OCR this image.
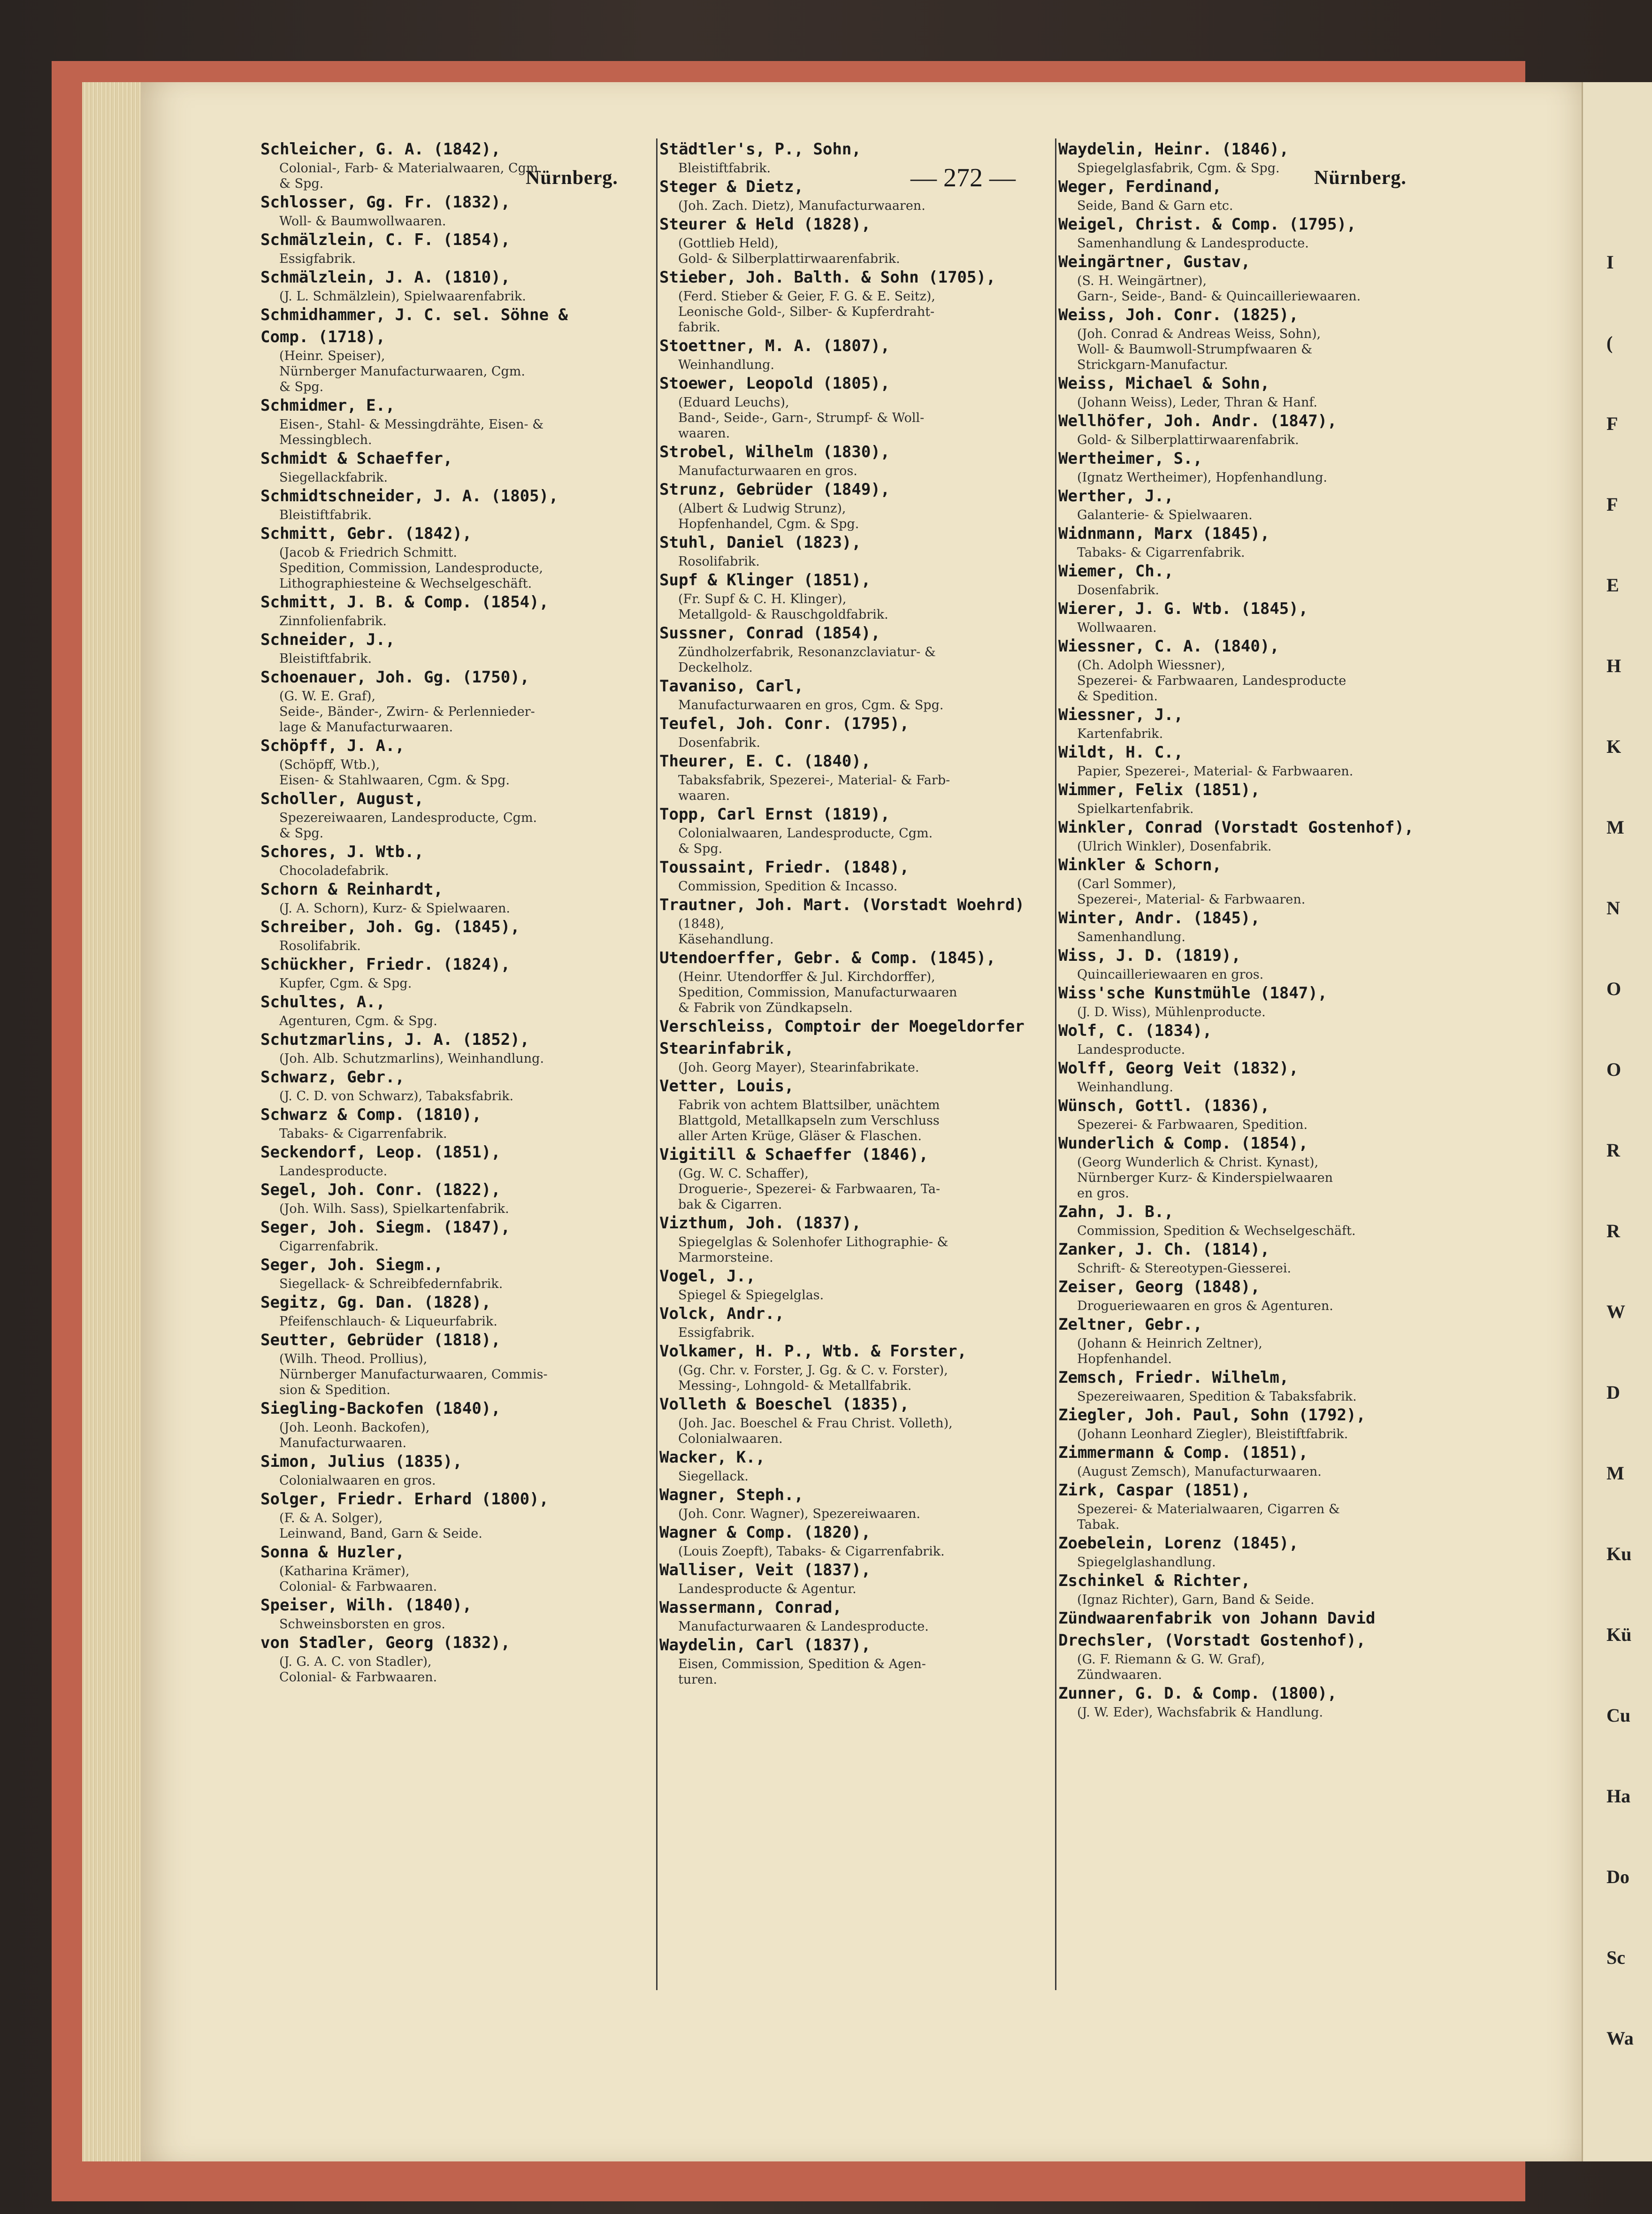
Nürnberg.	— 272 —	Nürnberg.
Schleicher, G. A. (1842),
Colonial-, Farb- & Materialwaaren, Cgm.
& Spg.
Schlosser, Gg. Fr. (1832),
Woll- & Baumwollwaaren.
Schmälzlein, C. F. (1854),
Essigfabrik.
Schmälzlein, J. A. (1810),
(J. L. Schmälzlein), Spielwaarenfabrik.
Schmidhammer, J. C. sel. Söhne &
Comp. (1718),
(Heinr. Speiser),
Nürnberger Manufacturwaaren, Cgm.
& Spg.
Schmidmer, E.,
Eisen-, Stahl- & Messingdrähte, Eisen- &
Messingblech.
Schmidt & Schaeffer,
Siegellackfabrik.
Schmidtschneider, J. A. (1805),
Bleistiftfabrik.
Schmitt, Gebr. (1842),
(Jacob & Friedrich Schmitt.
Spedition, Commission, Landesproducte,
Lithographiesteine & Wechselgeschäft.
Schmitt, J. B. & Comp. (1854),
Zinnfolienfabrik.
Schneider, J.,
Bleistiftfabrik.
Schoenauer, Joh. Gg. (1750),
(G. W. E. Graf),
Seide-, Bänder-, Zwirn- & Perlennieder-
lage & Manufacturwaaren.
Schöpff, J. A.,
(Schöpff, Wtb.),
Eisen- & Stahlwaaren, Cgm. & Spg.
Scholler, August,
Spezereiwaaren, Landesproducte, Cgm.
& Spg.
Schores, J. Wtb.,
Chocoladefabrik.
Schorn & Reinhardt,
(J. A. Schorn), Kurz- & Spielwaaren.
Schreiber, Joh. Gg. (1845),
Rosolifabrik.
Schückher, Friedr. (1824),
Kupfer, Cgm. & Spg.
Schultes, A.,
Agenturen, Cgm. & Spg.
Schutzmarlins, J. A. (1852),
(Joh. Alb. Schutzmarlins), Weinhandlung.
Schwarz, Gebr.,
(J. C. D. von Schwarz), Tabaksfabrik.
Schwarz & Comp. (1810),
Tabaks- & Cigarrenfabrik.
Seckendorf, Leop. (1851),
Landesproducte.
Segel, Joh. Conr. (1822),
(Joh. Wilh. Sass), Spielkartenfabrik.
Seger, Joh. Siegm. (1847),
Cigarrenfabrik.
Seger, Joh. Siegm.,
Siegellack- & Schreibfedernfabrik.
Segitz, Gg. Dan. (1828),
Pfeifenschlauch- & Liqueurfabrik.
Seutter, Gebrüder (1818),
(Wilh. Theod. Prollius),
Nürnberger Manufacturwaaren, Commis-
sion & Spedition.
Siegling-Backofen (1840),
(Joh. Leonh. Backofen),
Manufacturwaaren.
Simon, Julius (1835),
Colonialwaaren en gros.
Solger, Friedr. Erhard (1800),
(F. & A. Solger),
Leinwand, Band, Garn & Seide.
Sonna & Huzler,
(Katharina Krämer),
Colonial- & Farbwaaren.
Speiser, Wilh. (1840),
Schweinsborsten en gros.
von Stadler, Georg (1832),
(J. G. A. C. von Stadler),
Colonial- & Farbwaaren.
Städtler's, P., Sohn,
Bleistiftfabrik.
Steger & Dietz,
(Joh. Zach. Dietz), Manufacturwaaren.
Steurer & Held (1828),
(Gottlieb Held),
Gold- & Silberplattirwaarenfabrik.
Stieber, Joh. Balth. & Sohn (1705),
(Ferd. Stieber & Geier, F. G. & E. Seitz),
Leonische Gold-, Silber- & Kupferdraht-
fabrik.
Stoettner, M. A. (1807),
Weinhandlung.
Stoewer, Leopold (1805),
(Eduard Leuchs),
Band-, Seide-, Garn-, Strumpf- & Woll-
waaren.
Strobel, Wilhelm (1830),
Manufacturwaaren en gros.
Strunz, Gebrüder (1849),
(Albert & Ludwig Strunz),
Hopfenhandel, Cgm. & Spg.
Stuhl, Daniel (1823),
Rosolifabrik.
Supf & Klinger (1851),
(Fr. Supf & C. H. Klinger),
Metallgold- & Rauschgoldfabrik.
Sussner, Conrad (1854),
Zündholzerfabrik, Resonanzclaviatur- &
Deckelholz.
Tavaniso, Carl,
Manufacturwaaren en gros, Cgm. & Spg.
Teufel, Joh. Conr. (1795),
Dosenfabrik.
Theurer, E. C. (1840),
Tabaksfabrik, Spezerei-, Material- & Farb-
waaren.
Topp, Carl Ernst (1819),
Colonialwaaren, Landesproducte, Cgm.
& Spg.
Toussaint, Friedr. (1848),
Commission, Spedition & Incasso.
Trautner, Joh. Mart. (Vorstadt Woehrd)
(1848),
Käsehandlung.
Utendoerffer, Gebr. & Comp. (1845),
(Heinr. Utendorffer & Jul. Kirchdorffer),
Spedition, Commission, Manufacturwaaren
& Fabrik von Zündkapseln.
Verschleiss, Comptoir der Moegeldorfer
Stearinfabrik,
(Joh. Georg Mayer), Stearinfabrikate.
Vetter, Louis,
Fabrik von achtem Blattsilber, unächtem
Blattgold, Metallkapseln zum Verschluss
aller Arten Krüge, Gläser & Flaschen.
Vigitill & Schaeffer (1846),
(Gg. W. C. Schaffer),
Droguerie-, Spezerei- & Farbwaaren, Ta-
bak & Cigarren.
Vizthum, Joh. (1837),
Spiegelglas & Solenhofer Lithographie- &
Marmorsteine.
Vogel, J.,
Spiegel & Spiegelglas.
Volck, Andr.,
Essigfabrik.
Volkamer, H. P., Wtb. & Forster,
(Gg. Chr. v. Forster, J. Gg. & C. v. Forster),
Messing-, Lohngold- & Metallfabrik.
Volleth & Boeschel (1835),
(Joh. Jac. Boeschel & Frau Christ. Volleth),
Colonialwaaren.
Wacker, K.,
Siegellack.
Wagner, Steph.,
(Joh. Conr. Wagner), Spezereiwaaren.
Wagner & Comp. (1820),
(Louis Zoepft), Tabaks- & Cigarrenfabrik.
Walliser, Veit (1837),
Landesproducte & Agentur.
Wassermann, Conrad,
Manufacturwaaren & Landesproducte.
Waydelin, Carl (1837),
Eisen, Commission, Spedition & Agen-
turen.
Waydelin, Heinr. (1846),
Spiegelglasfabrik, Cgm. & Spg.
Weger, Ferdinand,
Seide, Band & Garn etc.
Weigel, Christ. & Comp. (1795),
Samenhandlung & Landesproducte.
Weingärtner, Gustav,
(S. H. Weingärtner),
Garn-, Seide-, Band- & Quincailleriewaaren.
Weiss, Joh. Conr. (1825),
(Joh. Conrad & Andreas Weiss, Sohn),
Woll- & Baumwoll-Strumpfwaaren &
Strickgarn-Manufactur.
Weiss, Michael & Sohn,
(Johann Weiss), Leder, Thran & Hanf.
Wellhöfer, Joh. Andr. (1847),
Gold- & Silberplattirwaarenfabrik.
Wertheimer, S.,
(Ignatz Wertheimer), Hopfenhandlung.
Werther, J.,
Galanterie- & Spielwaaren.
Widnmann, Marx (1845),
Tabaks- & Cigarrenfabrik.
Wiemer, Ch.,
Dosenfabrik.
Wierer, J. G. Wtb. (1845),
Wollwaaren.
Wiessner, C. A. (1840),
(Ch. Adolph Wiessner),
Spezerei- & Farbwaaren, Landesproducte
& Spedition.
Wiessner, J.,
Kartenfabrik.
Wildt, H. C.,
Papier, Spezerei-, Material- & Farbwaaren.
Wimmer, Felix (1851),
Spielkartenfabrik.
Winkler, Conrad (Vorstadt Gostenhof),
(Ulrich Winkler), Dosenfabrik.
Winkler & Schorn,
(Carl Sommer),
Spezerei-, Material- & Farbwaaren.
Winter, Andr. (1845),
Samenhandlung.
Wiss, J. D. (1819),
Quincailleriewaaren en gros.
Wiss'sche Kunstmühle (1847),
(J. D. Wiss), Mühlenproducte.
Wolf, C. (1834),
Landesproducte.
Wolff, Georg Veit (1832),
Weinhandlung.
Wünsch, Gottl. (1836),
Spezerei- & Farbwaaren, Spedition.
Wunderlich & Comp. (1854),
(Georg Wunderlich & Christ. Kynast),
Nürnberger Kurz- & Kinderspielwaaren
en gros.
Zahn, J. B.,
Commission, Spedition & Wechselgeschäft.
Zanker, J. Ch. (1814),
Schrift- & Stereotypen-Giesserei.
Zeiser, Georg (1848),
Drogueriewaaren en gros & Agenturen.
Zeltner, Gebr.,
(Johann & Heinrich Zeltner),
Hopfenhandel.
Zemsch, Friedr. Wilhelm,
Spezereiwaaren, Spedition & Tabaksfabrik.
Ziegler, Joh. Paul, Sohn (1792),
(Johann Leonhard Ziegler), Bleistiftfabrik.
Zimmermann & Comp. (1851),
(August Zemsch), Manufacturwaaren.
Zirk, Caspar (1851),
Spezerei- & Materialwaaren, Cigarren &
Tabak.
Zoebelein, Lorenz (1845),
Spiegelglashandlung.
Zschinkel & Richter,
(Ignaz Richter), Garn, Band & Seide.
Zündwaarenfabrik von Johann David
Drechsler, (Vorstadt Gostenhof),
(G. F. Riemann & G. W. Graf),
Zündwaaren.
Zunner, G. D. & Comp. (1800),
(J. W. Eder), Wachsfabrik & Handlung.
I
(
F
F
E
H
K
M
N
O
O
R
R
W
D
M
Ku
Kü
Cu
Ha
Do
Sc
Wa
